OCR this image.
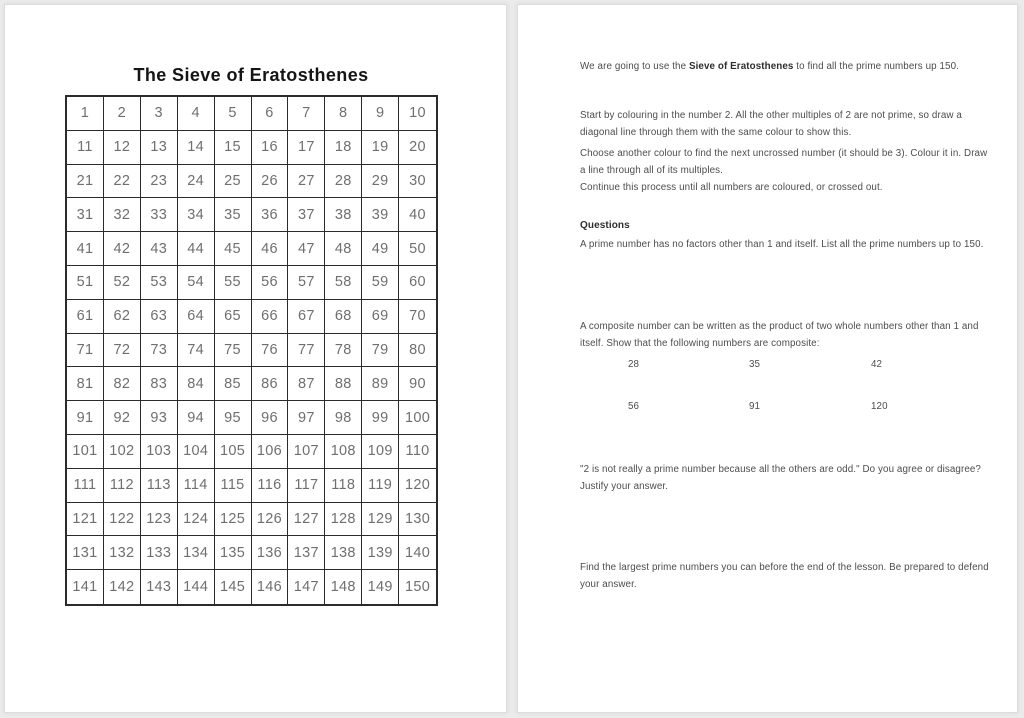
The Sieve of Eratosthenes
1	2	3	4	5	6	7	8	9	10
11	12	13	14	15	16	17	18	19	20
21	22	23	24	25	26	27	28	29	30
31	32	33	34	35	36	37	38	39	40
41	42	43	44	45	46	47	48	49	50
51	52	53	54	55	56	57	58	59	60
61	62	63	64	65	66	67	68	69	70
71	72	73	74	75	76	77	78	79	80
81	82	83	84	85	86	87	88	89	90
91	92	93	94	95	96	97	98	99	100
101 102 103 104 105 106 107 108 109 110
111 112 113 114 115 116 117 118 119 120
121 122 123 124 125 126 127 128 129 130
131 132 133 134 135 136 137 138 139 140
141 142 143 144 145 146 147 148 149 150

We are going to use the Sieve of Eratosthenes to find all the prime numbers up 150.

Start by colouring in the number 2. All the other multiples of 2 are not prime, so draw a diagonal line through them with the same colour to show this.

Choose another colour to find the next uncrossed number (it should be 3). Colour it in. Draw a line through all of its multiples.

Continue this process until all numbers are coloured, or crossed out.

Questions

A prime number has no factors other than 1 and itself. List all the prime numbers up to 150.

A composite number can be written as the product of two whole numbers other than 1 and itself. Show that the following numbers are composite:

28	35	42
56	91	120

"2 is not really a prime number because all the others are odd." Do you agree or disagree? Justify your answer.

Find the largest prime numbers you can before the end of the lesson. Be prepared to defend your answer.
